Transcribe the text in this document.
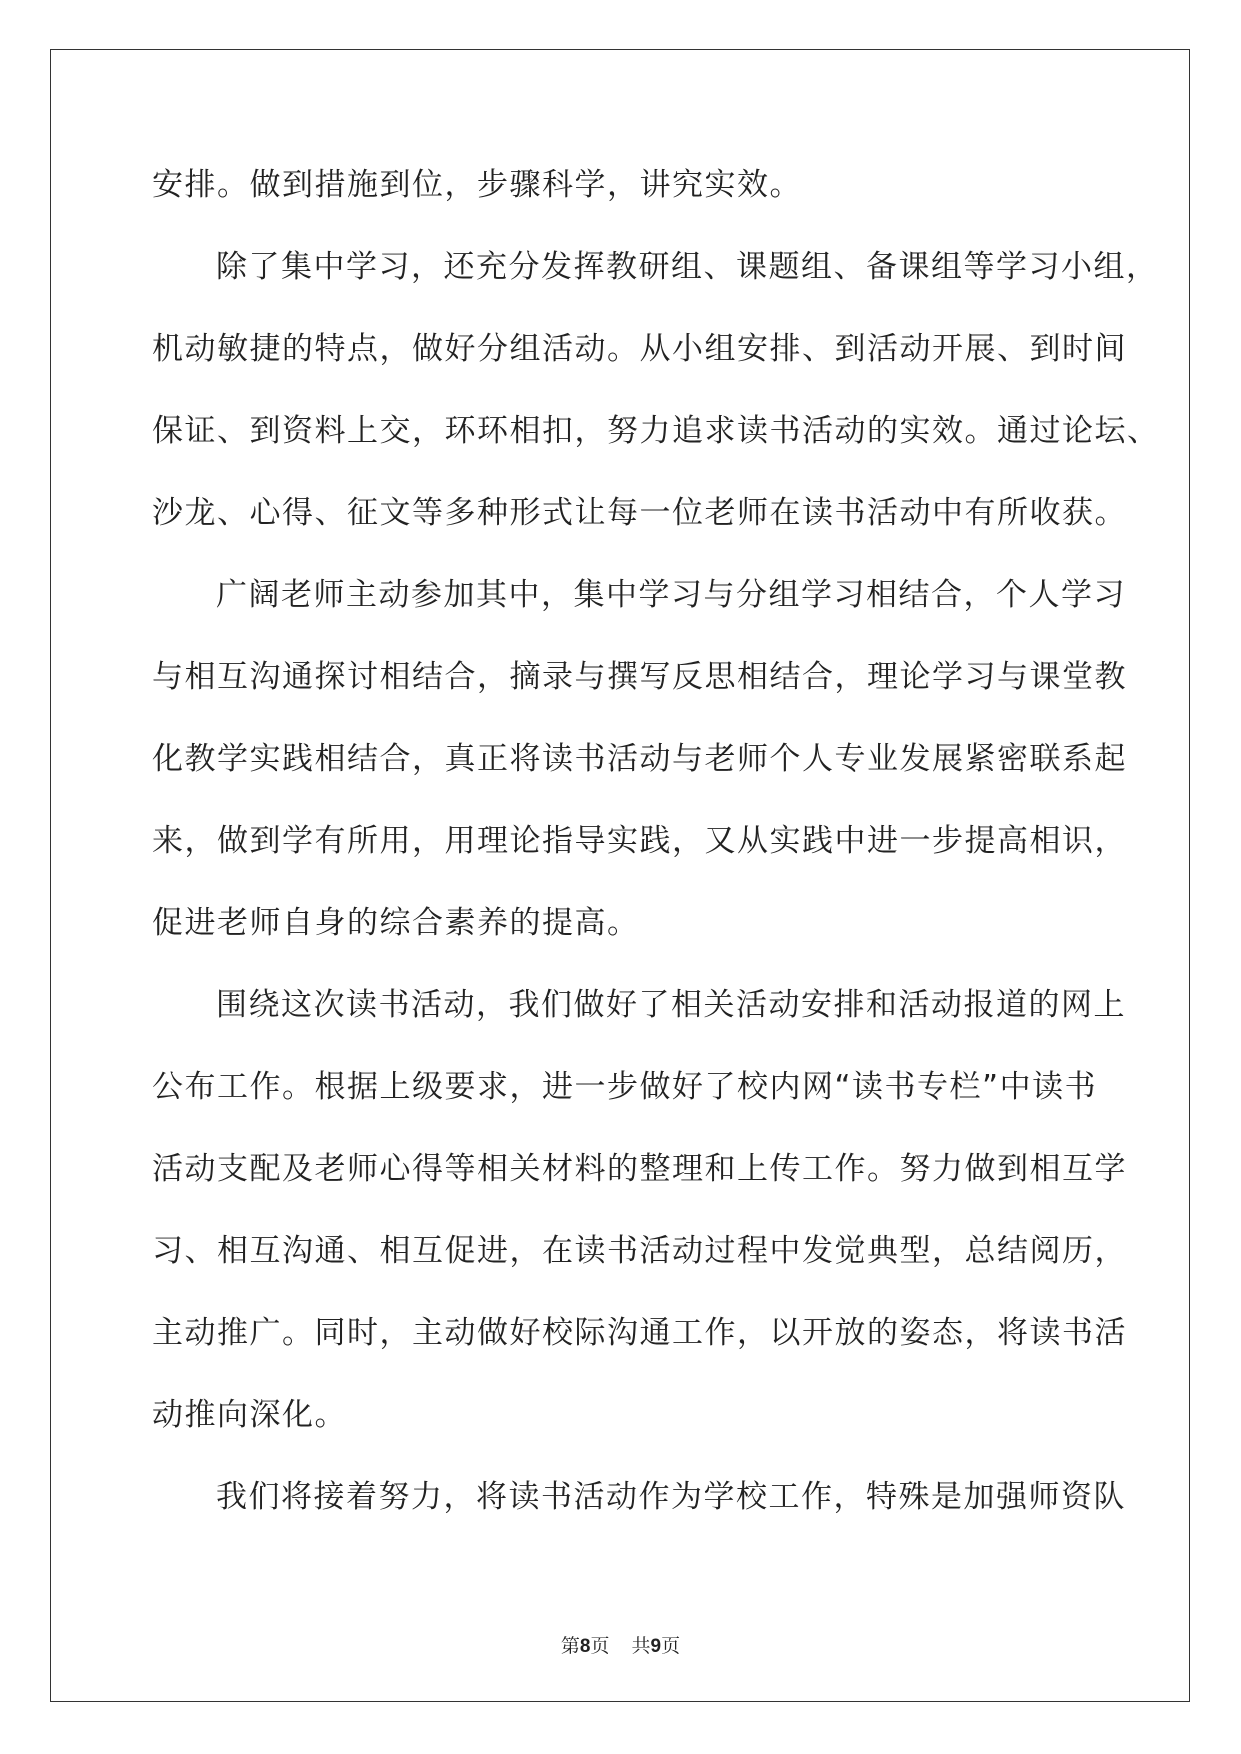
安排。做到措施到位，步骤科学，讲究实效。

除了集中学习，还充分发挥教研组、课题组、备课组等学习小组，

机动敏捷的特点，做好分组活动。从小组安排、到活动开展、到时间

保证、到资料上交，环环相扣，努力追求读书活动的实效。通过论坛、

沙龙、心得、征文等多种形式让每一位老师在读书活动中有所收获。

广阔老师主动参加其中，集中学习与分组学习相结合，个人学习

与相互沟通探讨相结合，摘录与撰写反思相结合，理论学习与课堂教

化教学实践相结合，真正将读书活动与老师个人专业发展紧密联系起

来，做到学有所用，用理论指导实践，又从实践中进一步提高相识，

促进老师自身的综合素养的提高。

围绕这次读书活动，我们做好了相关活动安排和活动报道的网上

公布工作。根据上级要求，进一步做好了校内网“读书专栏”中读书

活动支配及老师心得等相关材料的整理和上传工作。努力做到相互学

习、相互沟通、相互促进，在读书活动过程中发觉典型，总结阅历，

主动推广。同时，主动做好校际沟通工作，以开放的姿态，将读书活

动推向深化。

我们将接着努力，将读书活动作为学校工作，特殊是加强师资队

第8页 共9页
